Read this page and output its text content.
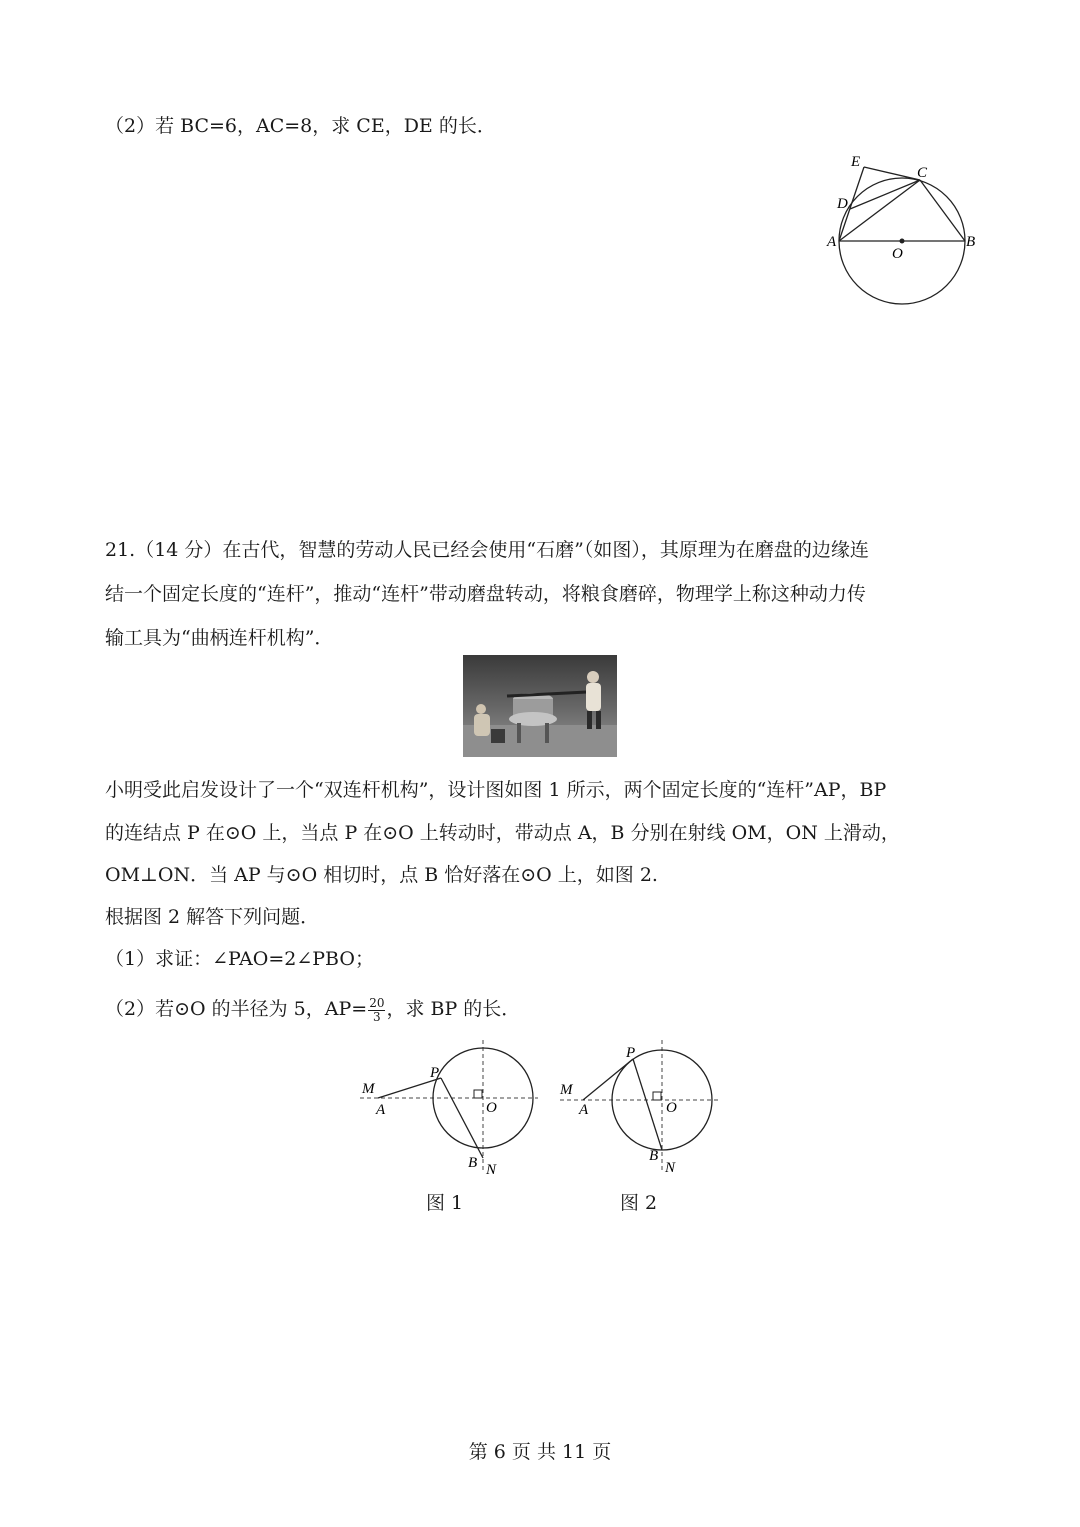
（2）若 BC=6，AC=8，求 CE，DE 的长．
E
C
D
A
O
B
21.（14 分）在古代，智慧的劳动人民已经会使用“石磨”（如图），其原理为在磨盘的边缘连
结一个固定长度的“连杆”，推动“连杆”带动磨盘转动，将粮食磨碎，物理学上称这种动力传
输工具为“曲柄连杆机构”．
小明受此启发设计了一个“双连杆机构”，设计图如图 1 所示，两个固定长度的“连杆”AP，BP
的连结点 P 在⊙O 上，当点 P 在⊙O 上转动时，带动点 A，B 分别在射线 OM，ON 上滑动，
OM⊥ON．当 AP 与⊙O 相切时，点 B 恰好落在⊙O 上，如图 2.
根据图 2 解答下列问题．
（1）求证：∠PAO=2∠PBO；
（2）若⊙O 的半径为 5，$AP= \frac{20}{3}$ ，求 BP 的长．
M
P
A	O
B N
图 1
M
P
A	O
B
N
图 2
第 6 页 共 11 页
